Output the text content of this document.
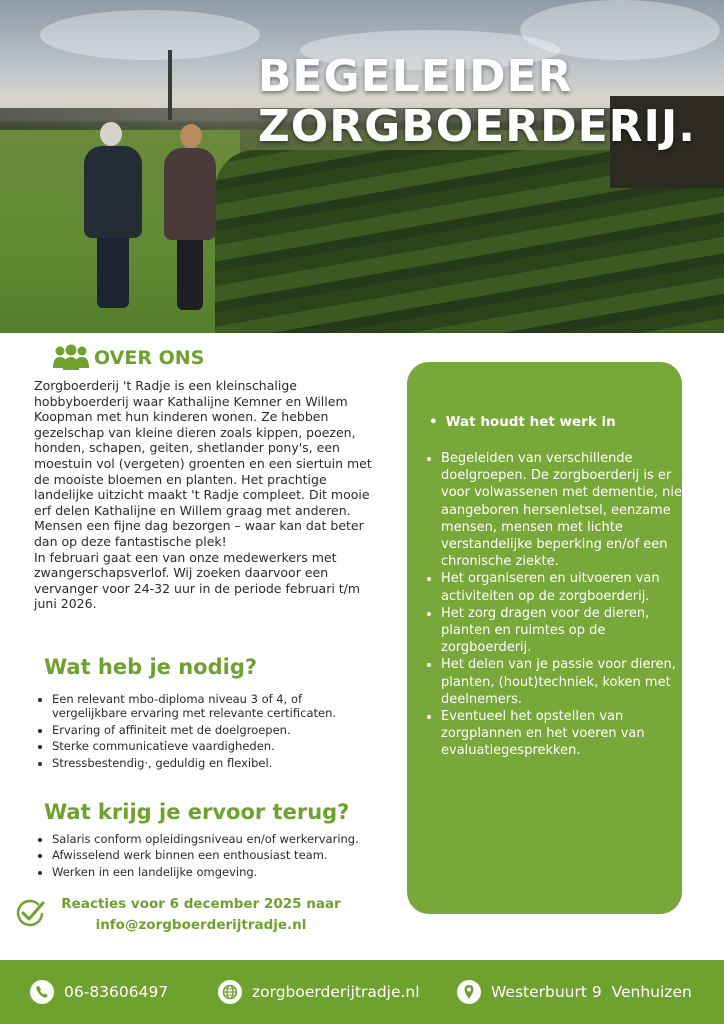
BEGELEIDER
ZORGBOERDERIJ.
OVER ONS

Zorgboerderij 't Radje is een kleinschalige hobbyboerderij waar Kathalijne Kemner en Willem Koopman met hun kinderen wonen. Ze hebben gezelschap van kleine dieren zoals kippen, poezen, honden, schapen, geiten, shetlander pony's, een moestuin vol (vergeten) groenten en een siertuin met de mooiste bloemen en planten. Het prachtige landelijke uitzicht maakt 't Radje compleet. Dit mooie erf delen Kathalijne en Willem graag met anderen. Mensen een fijne dag bezorgen – waar kan dat beter dan op deze fantastische plek!

In februari gaat een van onze medewerkers met zwangerschapsverlof. Wij zoeken daarvoor een vervanger voor 24-32 uur in de periode februari t/m juni 2026.

Wat heb je nodig?
• Een relevant mbo-diploma niveau 3 of 4, of vergelijkbare ervaring met relevante certificaten.
• Ervaring of affiniteit met de doelgroepen.
• Sterke communicatieve vaardigheden.
• Stressbestendig·, geduldig en flexibel.
Wat krijg je ervoor terug?
• Salaris conform opleidingsniveau en/of werkervaring.
• Afwisselend werk binnen een enthousiast team.
• Werken in een landelijke omgeving.
Reacties voor 6 december 2025 naar
info@zorgboerderijtradje.nl
• Wat houdt het werk in
• Begeleiden van verschillende doelgroepen. De zorgboerderij is er voor volwassenen met dementie, niet-aangeboren hersenletsel, eenzame mensen, mensen met lichte verstandelijke beperking en/of een chronische ziekte.
• Het organiseren en uitvoeren van activiteiten op de zorgboerderij.
• Het zorg dragen voor de dieren, planten en ruimtes op de zorgboerderij.
• Het delen van je passie voor dieren, planten, (hout)techniek, koken met deelnemers.
• Eventueel het opstellen van zorgplannen en het voeren van evaluatiegesprekken.
06-83606497	zorgboerderijtradje.nl	Westerbuurt 9  Venhuizen
